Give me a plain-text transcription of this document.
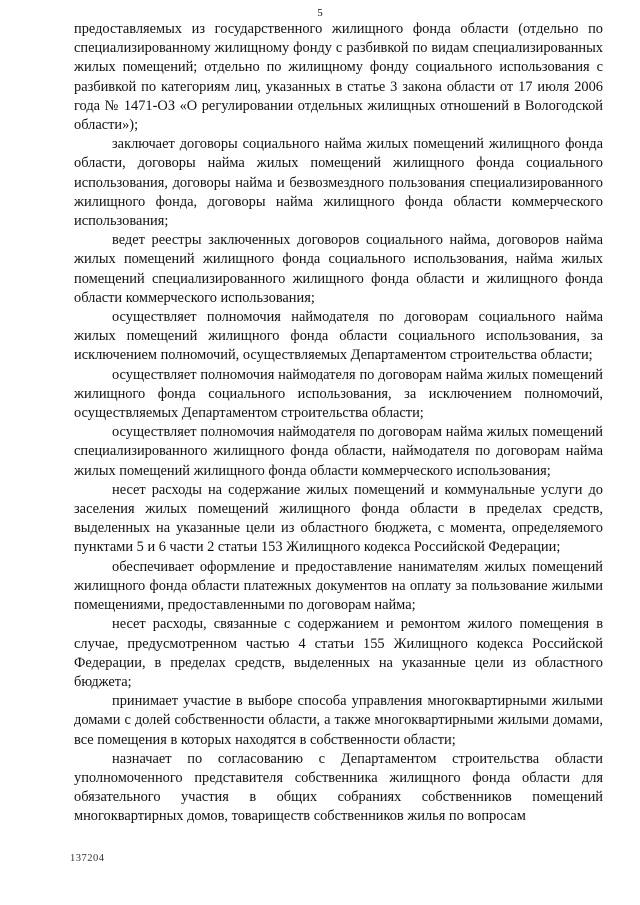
5

предоставляемых из государственного жилищного фонда области (отдельно по специализированному жилищному фонду с разбивкой по видам специализированных жилых помещений; отдельно по жилищному фонду социального использования с разбивкой по категориям лиц, указанных в статье 3 закона области от 17 июля 2006 года № 1471-ОЗ «О регулировании отдельных жилищных отношений в Вологодской области»);

заключает договоры социального найма жилых помещений жилищного фонда области, договоры найма жилых помещений жилищного фонда социального использования, договоры найма и безвозмездного пользования специализированного жилищного фонда, договоры найма жилищного фонда области коммерческого использования;

ведет реестры заключенных договоров социального найма, договоров найма жилых помещений жилищного фонда социального использования, найма жилых помещений специализированного жилищного фонда области и жилищного фонда области коммерческого использования;

осуществляет полномочия наймодателя по договорам социального найма жилых помещений жилищного фонда области социального использования, за исключением полномочий, осуществляемых Департаментом строительства области;

осуществляет полномочия наймодателя по договорам найма жилых помещений жилищного фонда социального использования, за исключением полномочий, осуществляемых Департаментом строительства области;

осуществляет полномочия наймодателя по договорам найма жилых помещений специализированного жилищного фонда области, наймодателя по договорам найма жилых помещений жилищного фонда области коммерческого использования;

несет расходы на содержание жилых помещений и коммунальные услуги до заселения жилых помещений жилищного фонда области в пределах средств, выделенных на указанные цели из областного бюджета, с момента, определяемого пунктами 5 и 6 части 2 статьи 153 Жилищного кодекса Российской Федерации;

обеспечивает оформление и предоставление нанимателям жилых помещений жилищного фонда области платежных документов на оплату за пользование жилыми помещениями, предоставленными по договорам найма;

несет расходы, связанные с содержанием и ремонтом жилого помещения в случае, предусмотренном частью 4 статьи 155 Жилищного кодекса Российской Федерации, в пределах средств, выделенных на указанные цели из областного бюджета;

принимает участие в выборе способа управления многоквартирными жилыми домами с долей собственности области, а также многоквартирными жилыми домами, все помещения в которых находятся в собственности области;

назначает по согласованию с Департаментом строительства области уполномоченного представителя собственника жилищного фонда области для обязательного участия в общих собраниях собственников помещений многоквартирных домов, товариществ собственников жилья по вопросам

137204
